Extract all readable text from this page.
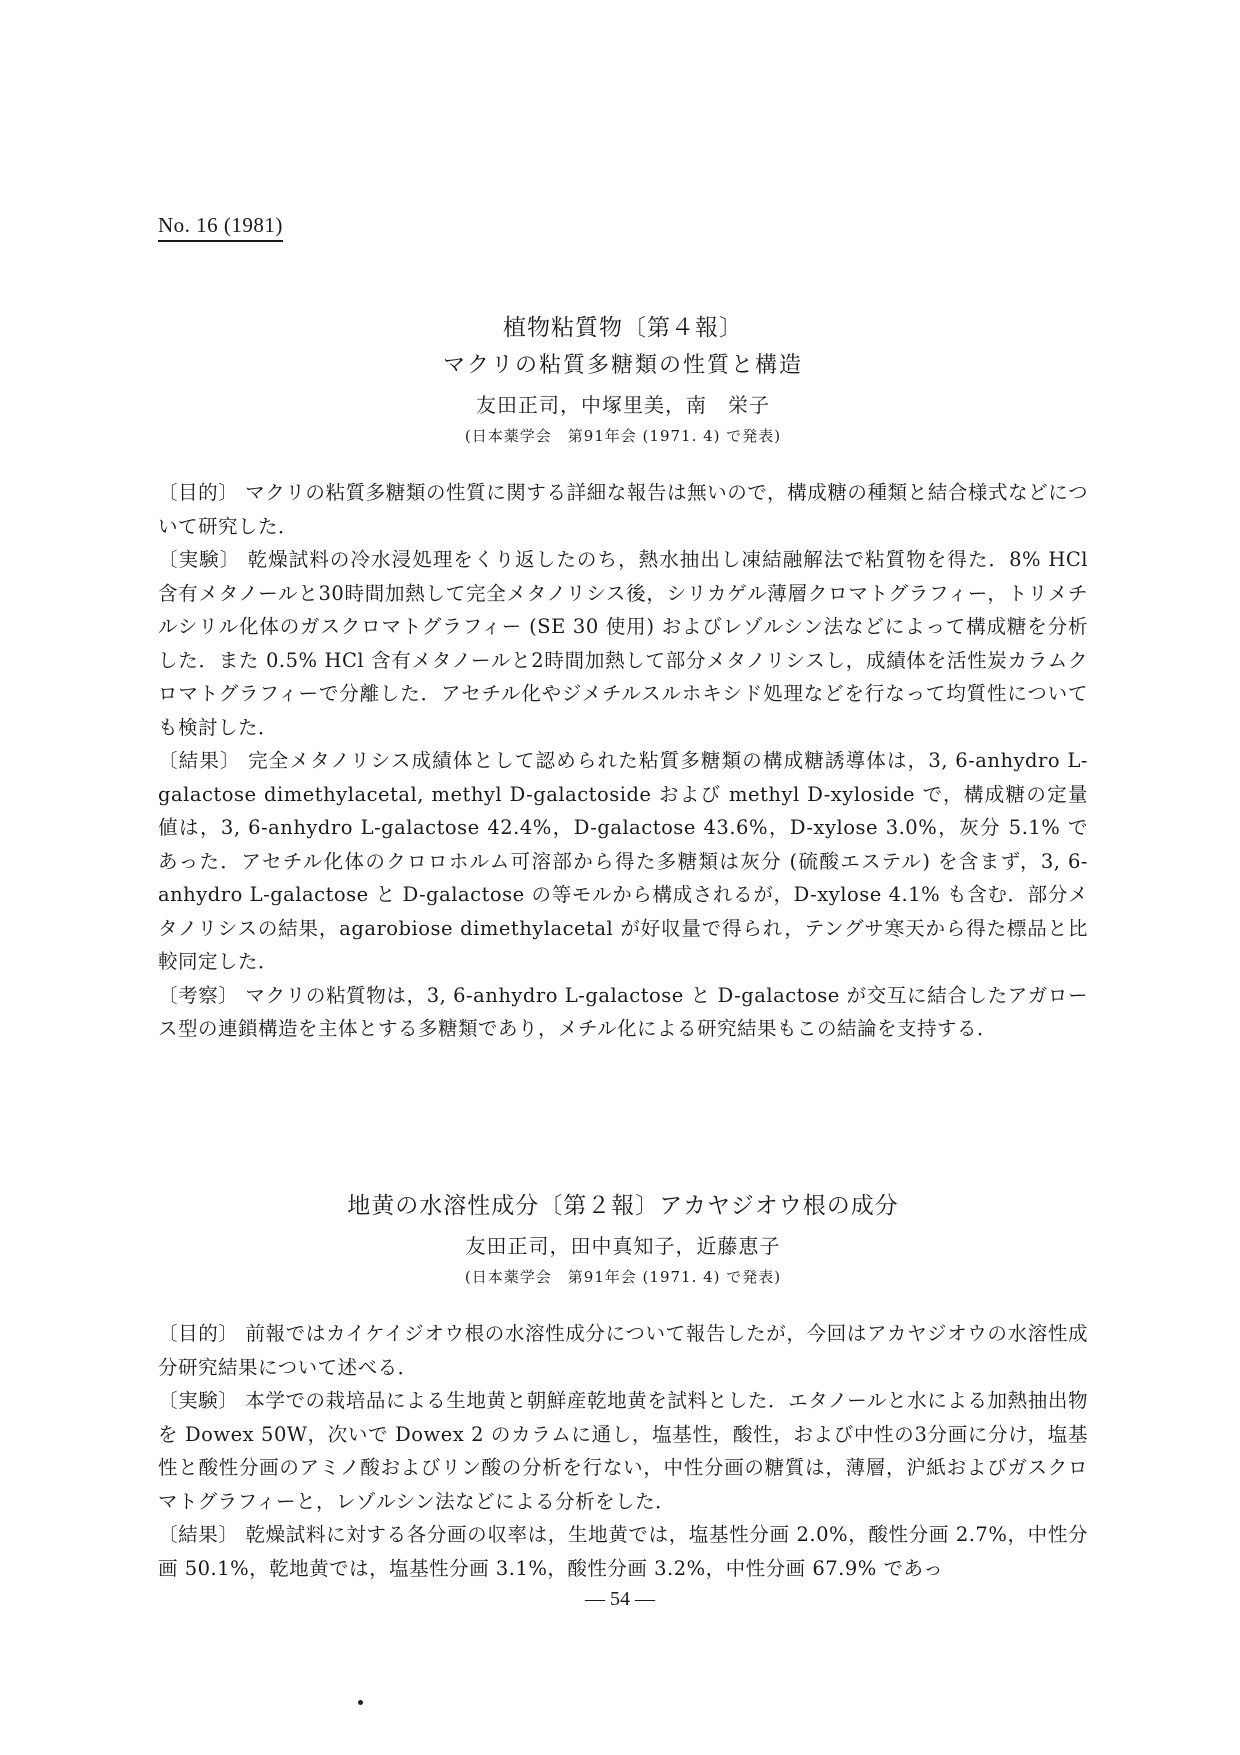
No. 16 (1981)
植物粘質物〔第４報〕
マクリの粘質多糖類の性質と構造
友田正司，中塚里美，南　栄子
(日本薬学会　第91年会 (1971. 4) で発表)

〔目的〕 マクリの粘質多糖類の性質に関する詳細な報告は無いので，構成糖の種類と結合様式などについて研究した．

〔実験〕 乾燥試料の冷水浸処理をくり返したのち，熱水抽出し凍結融解法で粘質物を得た．8% HCl 含有メタノールと30時間加熱して完全メタノリシス後，シリカゲル薄層クロマトグラフィー，トリメチルシリル化体のガスクロマトグラフィー (SE 30 使用) およびレゾルシン法などによって構成糖を分析した．また 0.5% HCl 含有メタノールと2時間加熱して部分メタノリシスし，成績体を活性炭カラムクロマトグラフィーで分離した．アセチル化やジメチルスルホキシド処理などを行なって均質性についても検討した．

〔結果〕 完全メタノリシス成績体として認められた粘質多糖類の構成糖誘導体は，3, 6-anhydro L-galactose dimethylacetal, methyl D-galactoside および methyl D-xyloside で，構成糖の定量値は，3, 6-anhydro L-galactose 42.4%，D-galactose 43.6%，D-xylose 3.0%，灰分 5.1% であった．アセチル化体のクロロホルム可溶部から得た多糖類は灰分 (硫酸エステル) を含まず，3, 6-anhydro L-galactose と D-galactose の等モルから構成されるが，D-xylose 4.1% も含む．部分メタノリシスの結果，agarobiose dimethylacetal が好収量で得られ，テングサ寒天から得た標品と比較同定した．

〔考察〕 マクリの粘質物は，3, 6-anhydro L-galactose と D-galactose が交互に結合したアガロース型の連鎖構造を主体とする多糖類であり，メチル化による研究結果もこの結論を支持する．

地黄の水溶性成分〔第２報〕アカヤジオウ根の成分
友田正司，田中真知子，近藤恵子
(日本薬学会　第91年会 (1971. 4) で発表)

〔目的〕 前報ではカイケイジオウ根の水溶性成分について報告したが，今回はアカヤジオウの水溶性成分研究結果について述べる．

〔実験〕 本学での栽培品による生地黄と朝鮮産乾地黄を試料とした．エタノールと水による加熱抽出物を Dowex 50W，次いで Dowex 2 のカラムに通し，塩基性，酸性，および中性の3分画に分け，塩基性と酸性分画のアミノ酸およびリン酸の分析を行ない，中性分画の糖質は，薄層，沪紙およびガスクロマトグラフィーと，レゾルシン法などによる分析をした．

〔結果〕 乾燥試料に対する各分画の収率は，生地黄では，塩基性分画 2.0%，酸性分画 2.7%，中性分画 50.1%，乾地黄では，塩基性分画 3.1%，酸性分画 3.2%，中性分画 67.9% であっ

— 54 —
